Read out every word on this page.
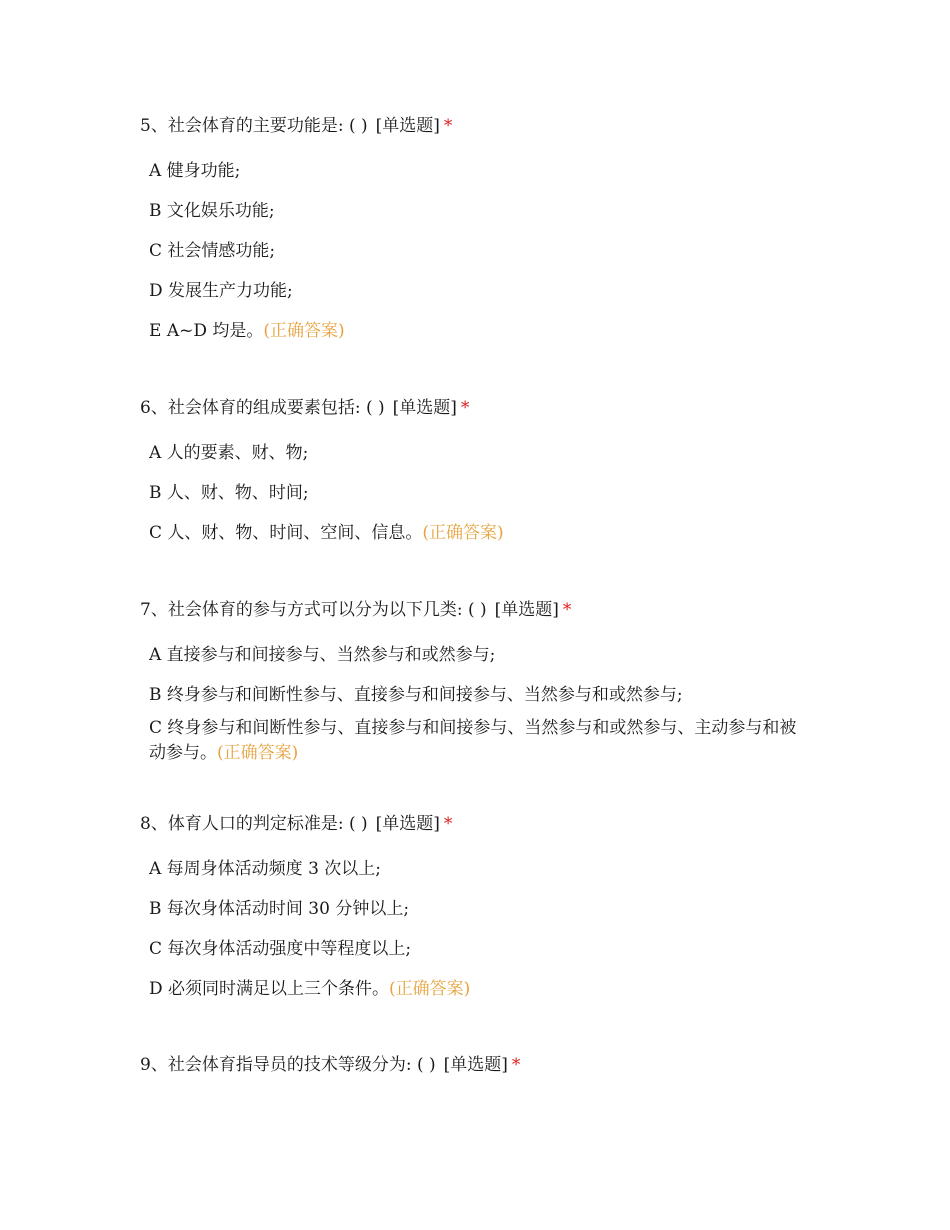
5、社会体育的主要功能是: ( ) [单选题] *

A 健身功能;
B 文化娱乐功能;
C 社会情感功能;
D 发展生产力功能;
E A~D 均是。(正确答案)

6、社会体育的组成要素包括: ( ) [单选题] *

A 人的要素、财、物;
B 人、财、物、时间;
C 人、财、物、时间、空间、信息。(正确答案)

7、社会体育的参与方式可以分为以下几类: ( ) [单选题] *

A 直接参与和间接参与、当然参与和或然参与;
B 终身参与和间断性参与、直接参与和间接参与、当然参与和或然参与;
C 终身参与和间断性参与、直接参与和间接参与、当然参与和或然参与、主动参与和被动参与。(正确答案)

8、体育人口的判定标准是: ( ) [单选题] *

A 每周身体活动频度 3 次以上;
B 每次身体活动时间 30 分钟以上;
C 每次身体活动强度中等程度以上;
D 必须同时满足以上三个条件。(正确答案)

9、社会体育指导员的技术等级分为: ( ) [单选题] *
